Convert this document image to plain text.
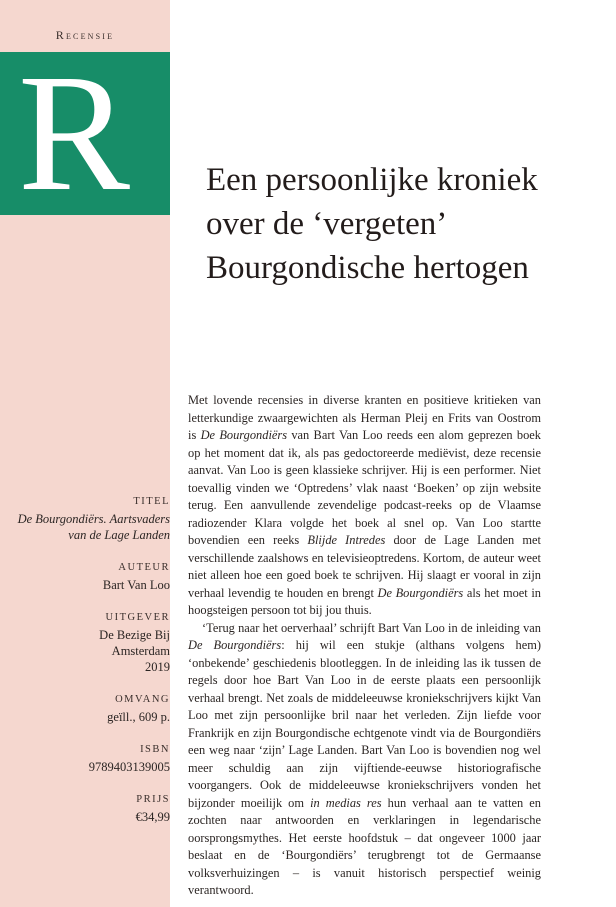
Recensie
R
TITEL
De Bourgondiërs. Aartsvaders van de Lage Landen
AUTEUR
Bart Van Loo
UITGEVER
De Bezige Bij Amsterdam 2019
OMVANG
geïll., 609 p.
ISBN
9789403139005
PRIJS
€34,99
Een persoonlijke kroniek over de ‘vergeten’ Bourgondische hertogen

Met lovende recensies in diverse kranten en positieve kritieken van letterkundige zwaargewichten als Herman Pleij en Frits van Oostrom is De Bourgondiërs van Bart Van Loo reeds een alom geprezen boek op het moment dat ik, als pas gedoctoreerde mediëvist, deze recensie aanvat. Van Loo is geen klassieke schrijver. Hij is een performer. Niet toevallig vinden we ‘Optredens’ vlak naast ‘Boeken’ op zijn website terug. Een aanvullende zevendelige podcast-reeks op de Vlaamse radiozender Klara volgde het boek al snel op. Van Loo startte bovendien een reeks Blijde Intredes door de Lage Landen met verschillende zaalshows en televisieoptredens. Kortom, de auteur weet niet alleen hoe een goed boek te schrijven. Hij slaagt er vooral in zijn verhaal levendig te houden en brengt De Bourgondiërs als het moet in hoogsteigen persoon tot bij jou thuis.

‘Terug naar het oerverhaal’ schrijft Bart Van Loo in de inleiding van De Bourgondiërs: hij wil een stukje (althans volgens hem) ‘onbekende’ geschiedenis blootleggen. In de inleiding las ik tussen de regels door hoe Bart Van Loo in de eerste plaats een persoonlijk verhaal brengt. Net zoals de middeleeuwse kroniekschrijvers kijkt Van Loo met zijn persoonlijke bril naar het verleden. Zijn liefde voor Frankrijk en zijn Bourgondische echtgenote vindt via de Bourgondiërs een weg naar ‘zijn’ Lage Landen. Bart Van Loo is bovendien nog wel meer schuldig aan zijn vijftiende-eeuwse historiografische voorgangers. Ook de middeleeuwse kroniekschrijvers vonden het bijzonder moeilijk om in medias res hun verhaal aan te vatten en zochten naar antwoorden en verklaringen in legendarische oorsprongsmythes. Het eerste hoofdstuk – dat ongeveer 1000 jaar beslaat en de ‘Bourgondiërs’ terugbrengt tot de Germaanse volksverhuizingen – is vanuit historisch perspectief weinig verantwoord.
